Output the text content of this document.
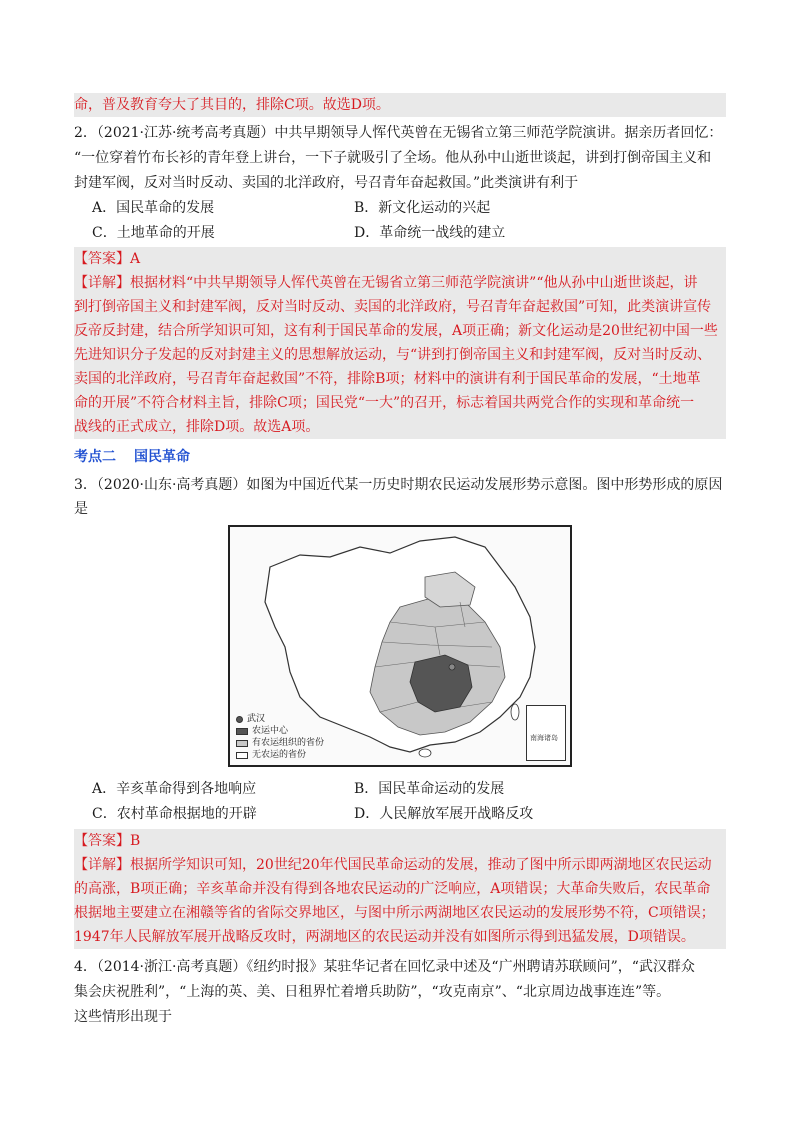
命，普及教育夸大了其目的，排除C项。故选D项。
2．（2021·江苏·统考高考真题）中共早期领导人恽代英曾在无锡省立第三师范学院演讲。据亲历者回忆：
“一位穿着竹布长衫的青年登上讲台，一下子就吸引了全场。他从孙中山逝世谈起，讲到打倒帝国主义和
封建军阀，反对当时反动、卖国的北洋政府，号召青年奋起救国。”此类演讲有利于
A．国民革命的发展	B．新文化运动的兴起
C．土地革命的开展	D．革命统一战线的建立
【答案】A
【详解】根据材料“中共早期领导人恽代英曾在无锡省立第三师范学院演讲”“他从孙中山逝世谈起，讲
到打倒帝国主义和封建军阀，反对当时反动、卖国的北洋政府，号召青年奋起救国”可知，此类演讲宣传
反帝反封建，结合所学知识可知，这有利于国民革命的发展，A项正确；新文化运动是20世纪初中国一些
先进知识分子发起的反对封建主义的思想解放运动，与“讲到打倒帝国主义和封建军阀，反对当时反动、
卖国的北洋政府，号召青年奋起救国”不符，排除B项；材料中的演讲有利于国民革命的发展，“土地革
命的开展”不符合材料主旨，排除C项；国民党“一大”的召开，标志着国共两党合作的实现和革命统一
战线的正式成立，排除D项。故选A项。
考点二 国民革命
3．（2020·山东·高考真题）如图为中国近代某一历史时期农民运动发展形势示意图。图中形势形成的原因
是
武汉
农运中心
有农运组织的省份
无农运的省份
南海诸岛
A．辛亥革命得到各地响应	B．国民革命运动的发展
C．农村革命根据地的开辟	D．人民解放军展开战略反攻
【答案】B
【详解】根据所学知识可知，20世纪20年代国民革命运动的发展，推动了图中所示即两湖地区农民运动
的高涨，B项正确；辛亥革命并没有得到各地农民运动的广泛响应，A项错误；大革命失败后，农民革命
根据地主要建立在湘赣等省的省际交界地区，与图中所示两湖地区农民运动的发展形势不符，C项错误；
1947年人民解放军展开战略反攻时，两湖地区的农民运动并没有如图所示得到迅猛发展，D项错误。
4．（2014·浙江·高考真题）《纽约时报》某驻华记者在回忆录中述及“广州聘请苏联顾问”，“武汉群众
集会庆祝胜利”，“上海的英、美、日租界忙着增兵助防”，“攻克南京”、“北京周边战事连连”等。
这些情形出现于
